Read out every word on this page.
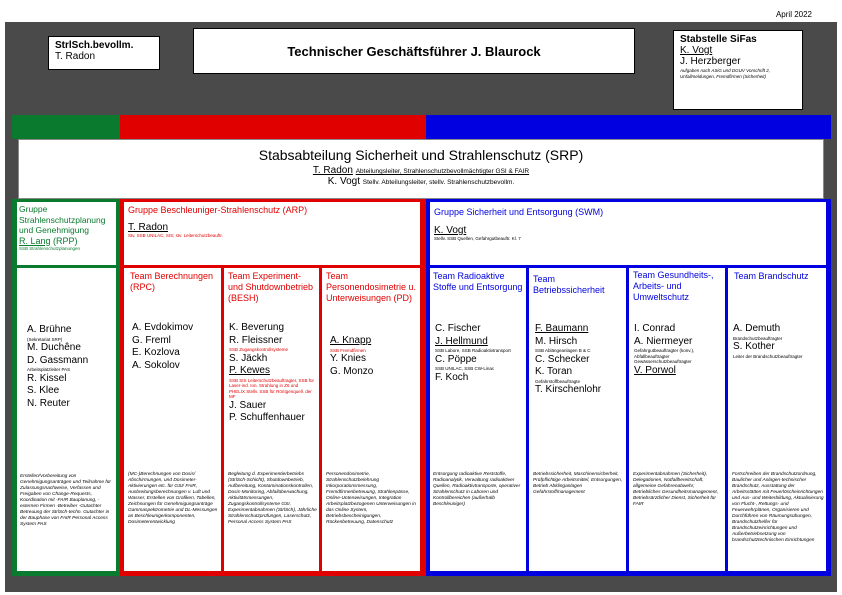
April 2022
StrlSch.bevollm.
T. Radon	Technischer Geschäftsführer J. Blaurock
Stabstelle SiFas
K. Vogt
J. Herzberger
Aufgaben nach ASiG und DGUV Vorschrift 2, Unfallmeldungen, Fremdfirmen (Sicherheit)
Stabsabteilung Sicherheit und Strahlenschutz (SRP)
T. Radon Abteilungsleiter, Strahlenschutzbevollmächtigter GSI & FAIR
K. Vogt Stellv. Abteilungsleiter, stellv. Strahlenschutzbevollm.
Gruppe Strahlenschutzplanung und Genehmigung
R. Lang (RPP)
SSB Strahlenschutzplanungen
A. Brühne
(Sekretariat SRP)
M. Duchêne
D. Gassmann
Arbeitsplatzleiter PAS
R. Kissel
S. Klee
N. Reuter
Erstellen/Vorbereitung von Genehmigungsanträgen und Teilnahme für Zulassungsnachweise, Verfassen und Freigaben von Change-Requests, Koordination mit -FAIR Bauplanung, -externen Firmen -Betreiber -Gutachter Betreuung der StrlSch-techn. Gutachter in der Bauphase von FAIR Personal Access System PAS
Gruppe Beschleuniger-Strahlenschutz (ARP)
T. Radon
Stv. SSB UNILAC, SIS; stv. Leiterschutzbeauftr.
Team Berechnungen (RPC)
A. Evdokimov
G. Freml
E. Kozlova
A. Sokolov
(MC-)Berechnungen von Dosis/ Abschirmungen, und Dosimeter-Aktivierungen etc. für GSI/ FAIR, Ausbreitungsberechnungen v. Luft und Wasser, Erstellen von Grafiken, Tabellen, Zeichnungen für Genehmigungsanträge Gammaspektrometrie und DL-Messungen an Beschleunigerkomponenten, Dosimeterentwicklung
Team Experiment- und Shutdownbetrieb (BESH)
K. Beverung
R. Fleissner
SSB Zugangskontrollsysteme
S. Jäckh
P. Kewes
SSB SIS Leiterschutzbeauftragter, SSB für Laser-ind. Ion. Strahlung in Z6 und PHELIX Stellv. SSB für Röntgenquell. der MF
J. Sauer
P. Schuffenhauer
Begleitung d. Experimentierbetriebs (StrlSch-Schicht), Shutdownbetrieb, Aufbereitung, Kontaminationskontrollen, Dosis-Monitoring, Abfallüberwachung, Aktivitätsmessungen, Zugangskontrollsysteme GSI, Experimentabnahmen (StrlSch), Jährliche Strahlenschutzprüfungen, Laserschutz, Personal Access System PAS
Team Personendosimetrie u. Unterweisungen (PD)
A. Knapp
SSB Fremdfirmen
Y. Knies
G. Monzo
Personendosimetrie, Strahlenschutzbelehrung Inkorporationsmessung, Fremdfirmenbetreuung, Strahlenpässe, Online-Unterweisungen, Integration Arbeitsplatzbezogenen Unterweisungen in das Online System, Betriebsbescheinigungen, Rückenbetreuung, Datenschutz
Gruppe Sicherheit und Entsorgung (SWM)
K. Vogt
Stellv. SSB Quellen, Gefahrgutbeauftr. Kl. 7
Team Radioaktive Stoffe und Entsorgung
C. Fischer
J. Hellmund
SSB Labore, SSB Radioaktivtransport
C. Pöppe
SSB UNILAC, SSB CW-Linac
F. Koch
Entsorgung radioaktive Reststoffe, Radioanalytik, Verwaltung radioaktiver Quellen, Radioaktivtransporte, operativer Strahlenschutz in Laboren und Kontrollbereichen (außerhalb Beschleuniger)
Team Betriebssicherheit
F. Baumann
M. Hirsch
SSB Ablängeanlagen B & C
C. Schecker
K. Toran
Gefahrstoffbeauftragte
T. Kirschenlohr
Betriebssicherheit, Maschinensicherheit, Prüfpflichtige Arbeitsmittel, Entsorgungen, Betrieb Abklinganlagen Gefahrstoffmanagement
Team Gesundheits-, Arbeits- und Umweltschutz
I. Conrad
A. Niermeyer
Gefahrgutbeauftragter (konv.), Abfallbeauftragter Gewässerschutzbeauftragter
V. Porwol
Experimentabnahmen (Sicherheit), Delegationen, Notfallbereitschaft, allgemeine Gefahrenabwehr, Betriebliches Gesundheitsmanagement, Betriebsärztlicher Dienst, Sicherheit für FAIR
Team Brandschutz
A. Demuth
Brandschutzbeauftragter
S. Kother
Leiter der Brandschutzbeauftragter
Fortschreiben der Brandschutzordnung, Baulicher und Anlagen-technischer Brandschutz, Ausstattung der Arbeitsstätten mit Feuerlöscheinrichtungen und Aus- und Weiterbildung, Aktualisierung von Flucht-, Rettungs- und Feuerwehrplänen, Organisieren und Durchführen von Räumungsübungen, Brandschutzhelfer für Brandschutzeinrichtungen und Außerbetriebsetzung von brandschutztechnischen Einrichtungen
